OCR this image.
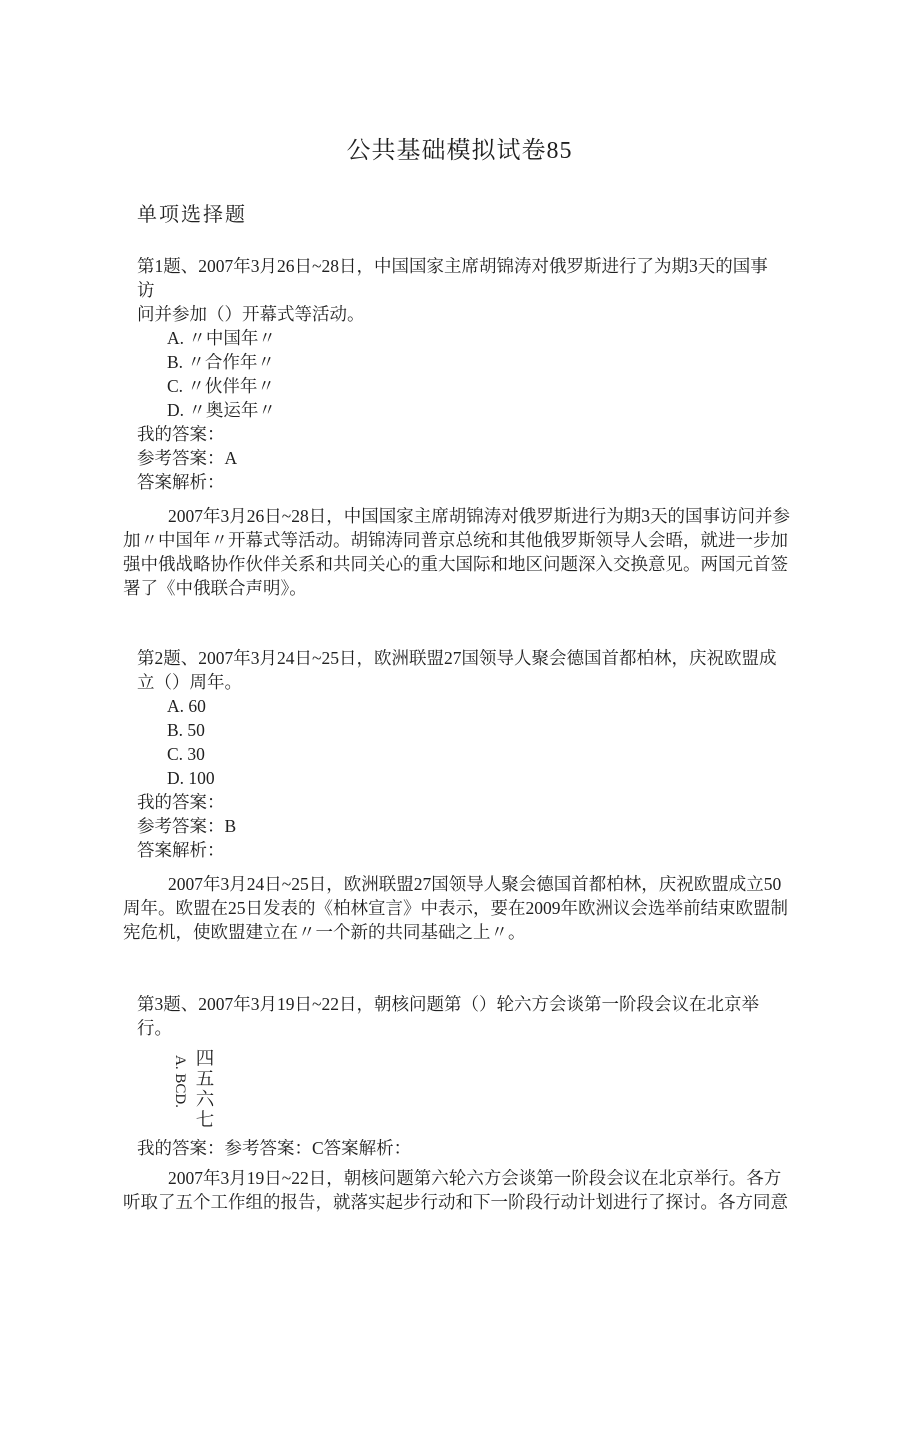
公共基础模拟试卷85
单项选择题
第1题、2007年3月26日~28日，中国国家主席胡锦涛对俄罗斯进行了为期3天的国事访
问并参加（）开幕式等活动。
A. 〃中国年〃
B. 〃合作年〃
C. 〃伙伴年〃
D. 〃奥运年〃
我的答案：
参考答案：A
答案解析：
2007年3月26日~28日，中国国家主席胡锦涛对俄罗斯进行为期3天的国事访问并参
加〃中国年〃开幕式等活动。胡锦涛同普京总统和其他俄罗斯领导人会晤，就进一步加
强中俄战略协作伙伴关系和共同关心的重大国际和地区问题深入交换意见。两国元首签
署了《中俄联合声明》。
第2题、2007年3月24日~25日，欧洲联盟27国领导人聚会德国首都柏林，庆祝欧盟成
立（）周年。
A. 60
B. 50
C. 30
D. 100
我的答案：
参考答案：B
答案解析：
2007年3月24日~25日，欧洲联盟27国领导人聚会德国首都柏林，庆祝欧盟成立50
周年。欧盟在25日发表的《柏林宣言》中表示，要在2009年欧洲议会选举前结束欧盟制
宪危机，使欧盟建立在〃一个新的共同基础之上〃。
第3题、2007年3月19日~22日，朝核问题第（）轮六方会谈第一阶段会议在北京举
行。
A. BCD. 四五六七
我的答案：参考答案：C答案解析：
2007年3月19日~22日，朝核问题第六轮六方会谈第一阶段会议在北京举行。各方
听取了五个工作组的报告，就落实起步行动和下一阶段行动计划进行了探讨。各方同意
